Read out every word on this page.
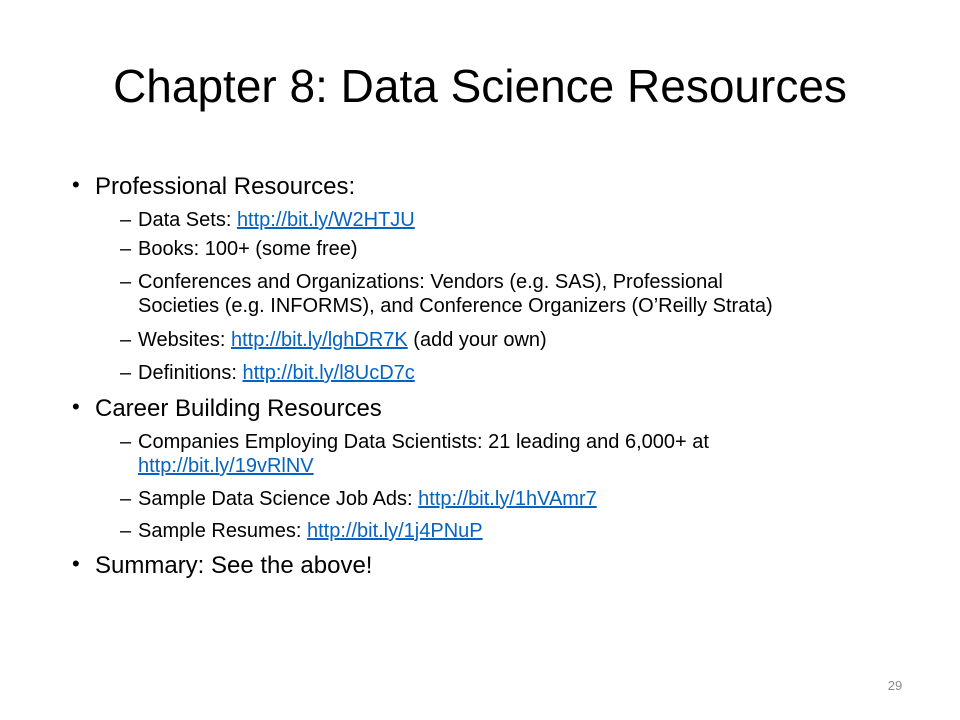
Chapter 8: Data Science Resources
• Professional Resources:
– Data Sets: http://bit.ly/W2HTJU
– Books: 100+ (some free)
– Conferences and Organizations: Vendors (e.g. SAS), Professional
Societies (e.g. INFORMS), and Conference Organizers (O’Reilly Strata)
– Websites: http://bit.ly/lghDR7K (add your own)
– Definitions: http://bit.ly/l8UcD7c
• Career Building Resources
– Companies Employing Data Scientists: 21 leading and 6,000+ at
http://bit.ly/19vRlNV
– Sample Data Science Job Ads: http://bit.ly/1hVAmr7
– Sample Resumes: http://bit.ly/1j4PNuP
• Summary: See the above!
29
